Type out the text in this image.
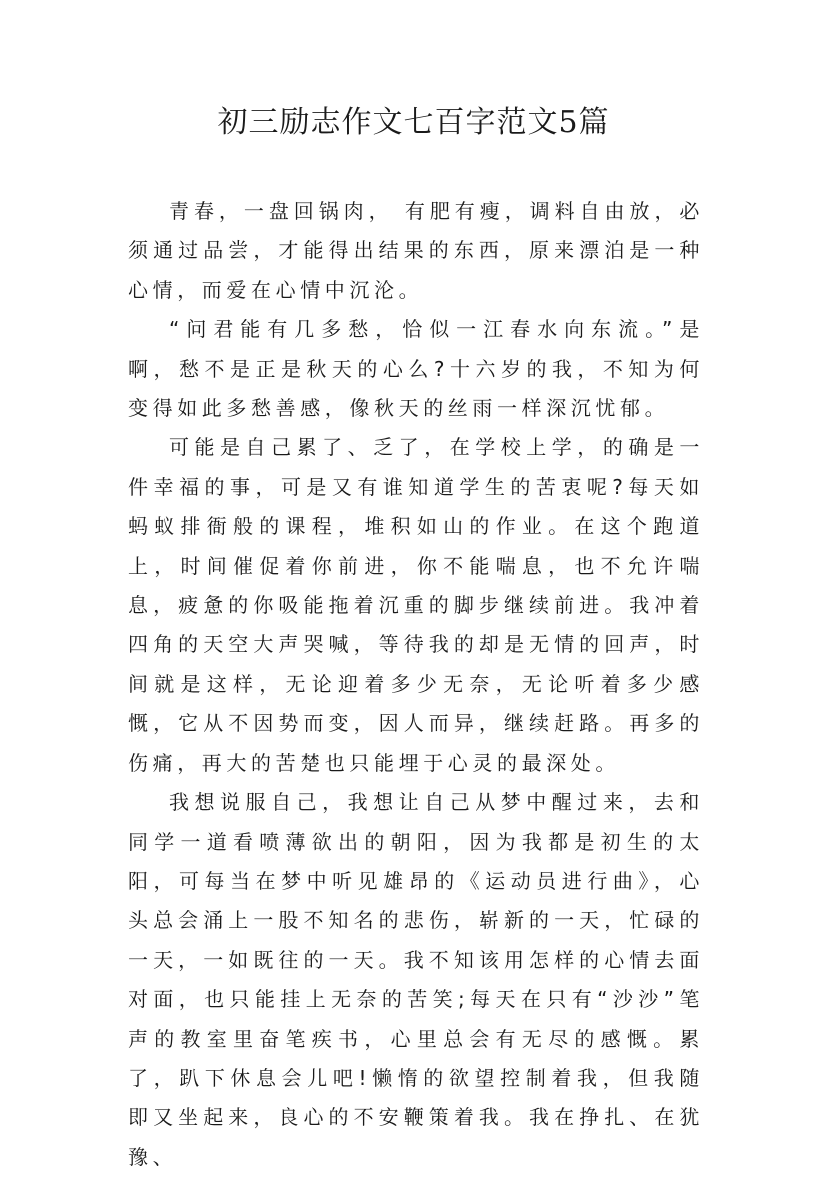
初三励志作文七百字范文5篇

青春，一盘回锅肉， 有肥有瘦，调料自由放，必须通过品尝，才能得出结果的东西，原来漂泊是一种心情，而爱在心情中沉沦。

“问君能有几多愁，恰似一江春水向东流。”是啊，愁不是正是秋天的心么?十六岁的我，不知为何变得如此多愁善感，像秋天的丝雨一样深沉忧郁。

可能是自己累了、乏了，在学校上学，的确是一件幸福的事，可是又有谁知道学生的苦衷呢?每天如蚂蚁排衙般的课程，堆积如山的作业。在这个跑道上，时间催促着你前进，你不能喘息，也不允许喘息，疲惫的你吸能拖着沉重的脚步继续前进。我冲着四角的天空大声哭喊，等待我的却是无情的回声，时间就是这样，无论迎着多少无奈，无论听着多少感慨，它从不因势而变，因人而异，继续赶路。再多的伤痛，再大的苦楚也只能埋于心灵的最深处。

我想说服自己，我想让自己从梦中醒过来，去和同学一道看喷薄欲出的朝阳，因为我都是初生的太阳，可每当在梦中听见雄昂的《运动员进行曲》，心头总会涌上一股不知名的悲伤，崭新的一天，忙碌的一天，一如既往的一天。我不知该用怎样的心情去面对面，也只能挂上无奈的苦笑;每天在只有“沙沙”笔声的教室里奋笔疾书，心里总会有无尽的感慨。累了，趴下休息会儿吧!懒惰的欲望控制着我，但我随即又坐起来，良心的不安鞭策着我。我在挣扎、在犹豫、
